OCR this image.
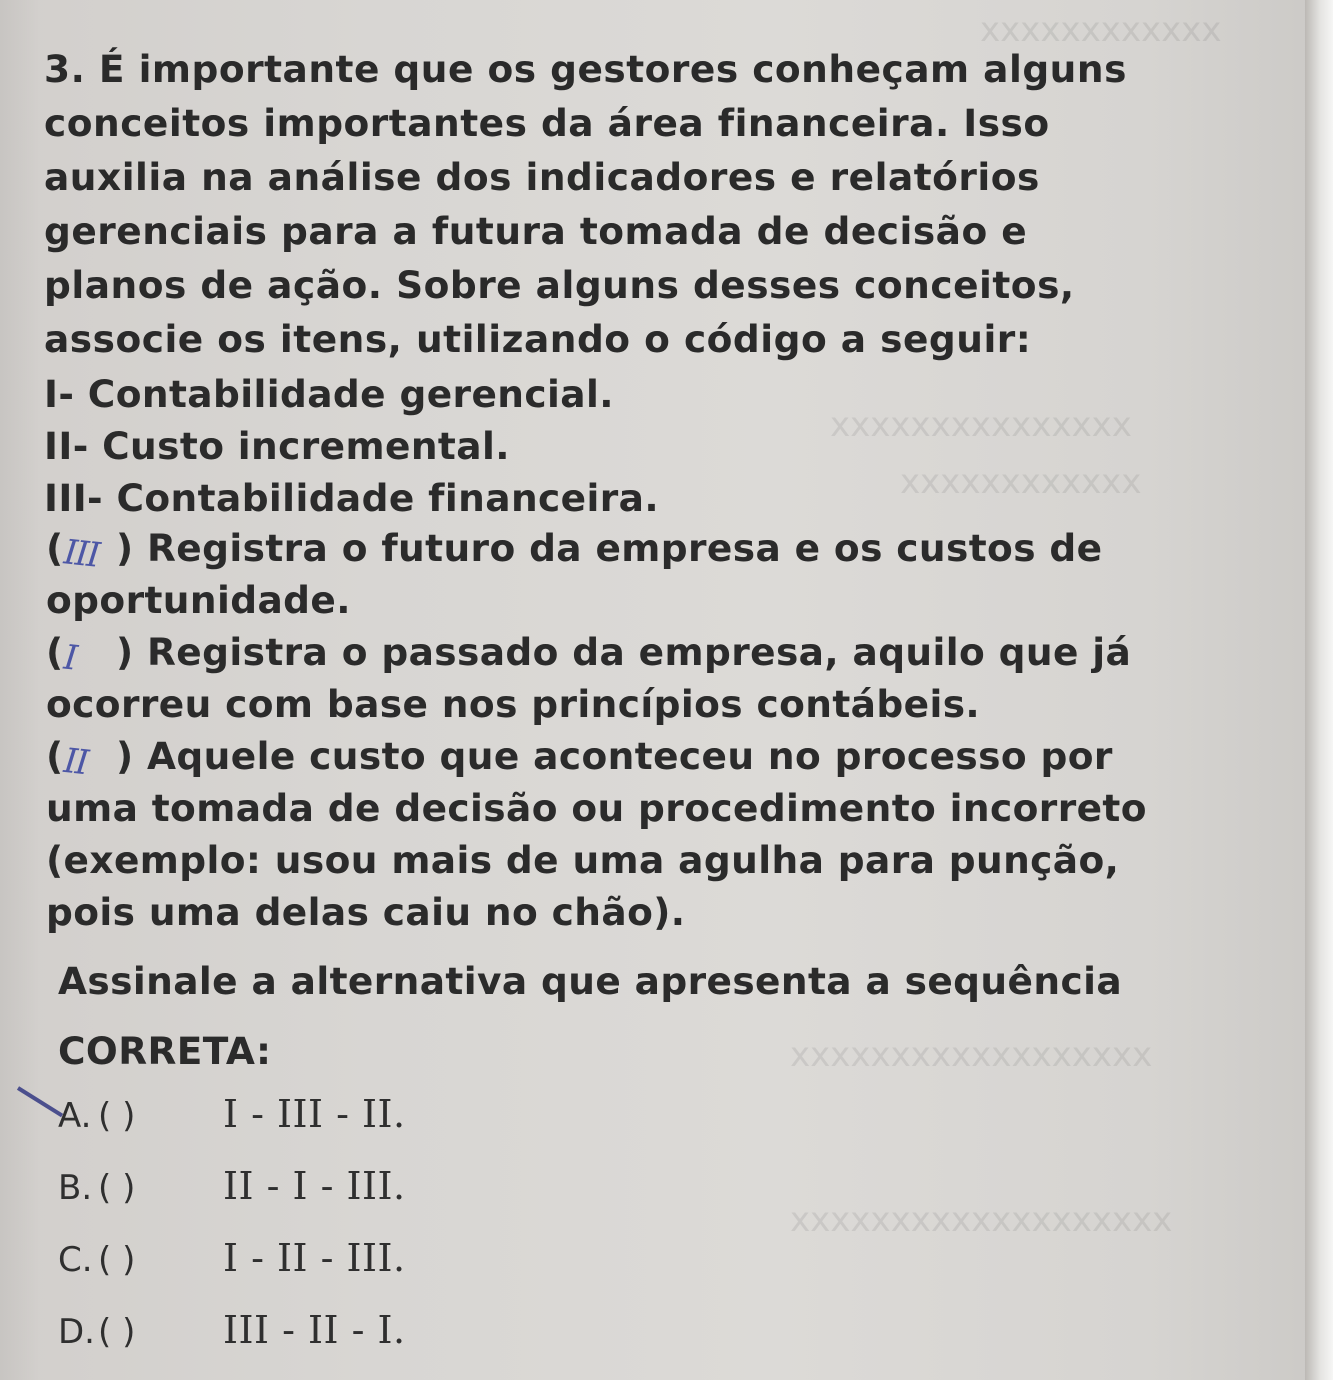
xxxxxxxxxxxx
xxxxxxxxxxxxxxx
xxxxxxxxxxxx
xxxxxxxxxxxxxxxxxx
xxxxxxxxxxxxxxxxxxx

3. É importante que os gestores conheçam alguns

conceitos importantes da área financeira. Isso

auxilia na análise dos indicadores e relatórios

gerenciais para a futura tomada de decisão e

planos de ação. Sobre alguns desses conceitos,

associe os itens, utilizando o código a seguir:

I- Contabilidade gerencial.

II- Custo incremental.

III- Contabilidade financeira.

(
III ) Registra o futuro da empresa e os custos de

oportunidade.

(
I ) Registra o passado da empresa, aquilo que já

ocorreu com base nos princípios contábeis.

(
II ) Aquele custo que aconteceu no processo por

uma tomada de decisão ou procedimento incorreto

(exemplo: usou mais de uma agulha para punção,

pois uma delas caiu no chão).

Assinale a alternativa que apresenta a sequência
CORRETA:
A. ( )	I - III - II.
B. ( )	II - I - III.
C. ( )	I - II - III.
D. ( )	III - II - I.
